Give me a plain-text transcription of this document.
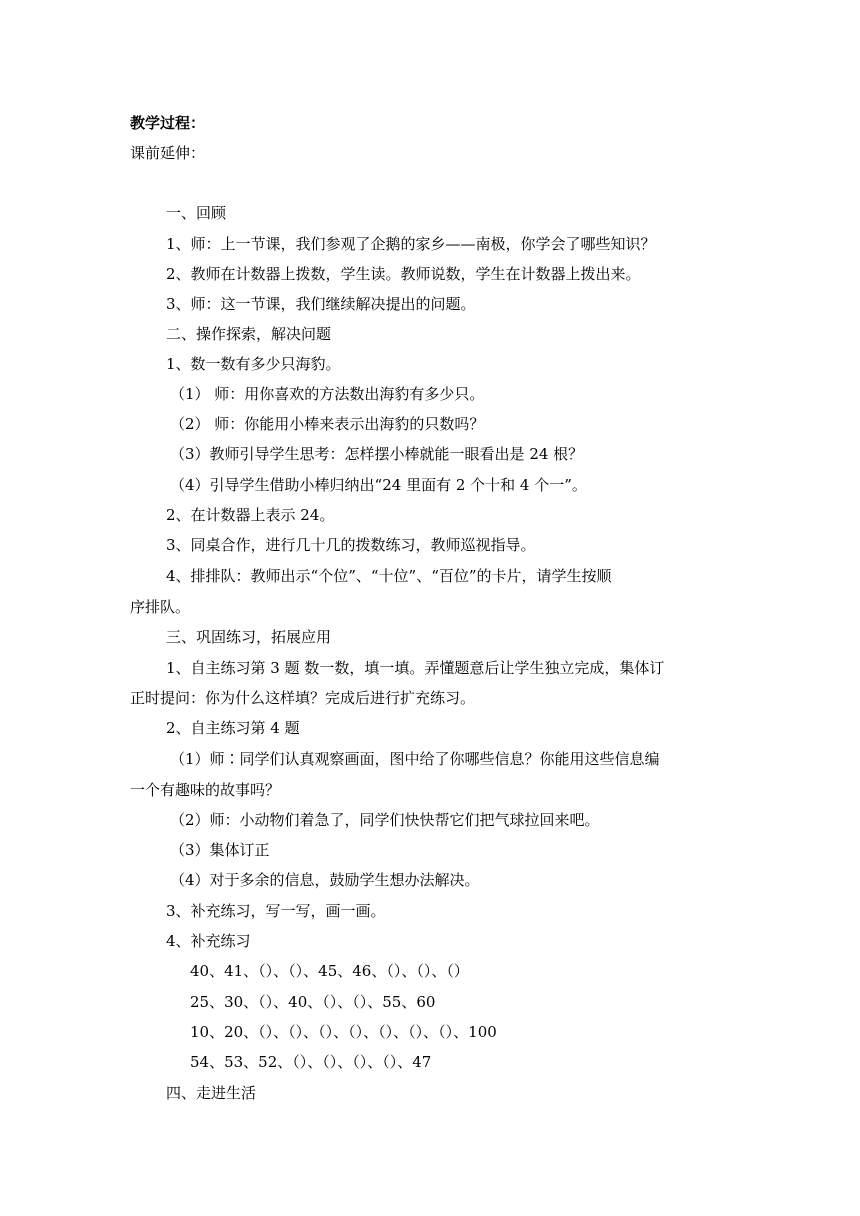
教学过程：
课前延伸：
一、回顾
1、师：上一节课，我们参观了企鹅的家乡——南极，你学会了哪些知识？
2、教师在计数器上拨数，学生读。教师说数，学生在计数器上拨出来。
3、师：这一节课，我们继续解决提出的问题。
二、操作探索，解决问题
1、数一数有多少只海豹。
（1） 师：用你喜欢的方法数出海豹有多少只。
（2） 师：你能用小棒来表示出海豹的只数吗？
（3）教师引导学生思考：怎样摆小棒就能一眼看出是 24 根？
（4）引导学生借助小棒归纳出“24 里面有 2 个十和 4 个一”。
2、在计数器上表示 24。
3、同桌合作，进行几十几的拨数练习，教师巡视指导。
4、排排队：教师出示“个位”、“十位”、“百位”的卡片，请学生按顺
序排队。
三、巩固练习，拓展应用
1、自主练习第 3 题 数一数，填一填。弄懂题意后让学生独立完成，集体订
正时提问：你为什么这样填？完成后进行扩充练习。
2、自主练习第 4 题
（1）师∶同学们认真观察画面，图中给了你哪些信息？你能用这些信息编
一个有趣味的故事吗？
（2）师：小动物们着急了，同学们快快帮它们把气球拉回来吧。
（3）集体订正
（4）对于多余的信息，鼓励学生想办法解决。
3、补充练习，写一写，画一画。
4、补充练习
40、41、（）、（）、45、46、（）、（）、（）
25、30、（）、40、（）、（）、55、60
10、20、（）、（）、（）、（）、（）、（）、（）、100
54、53、52、（）、（）、（）、（）、47
四、走进生活
